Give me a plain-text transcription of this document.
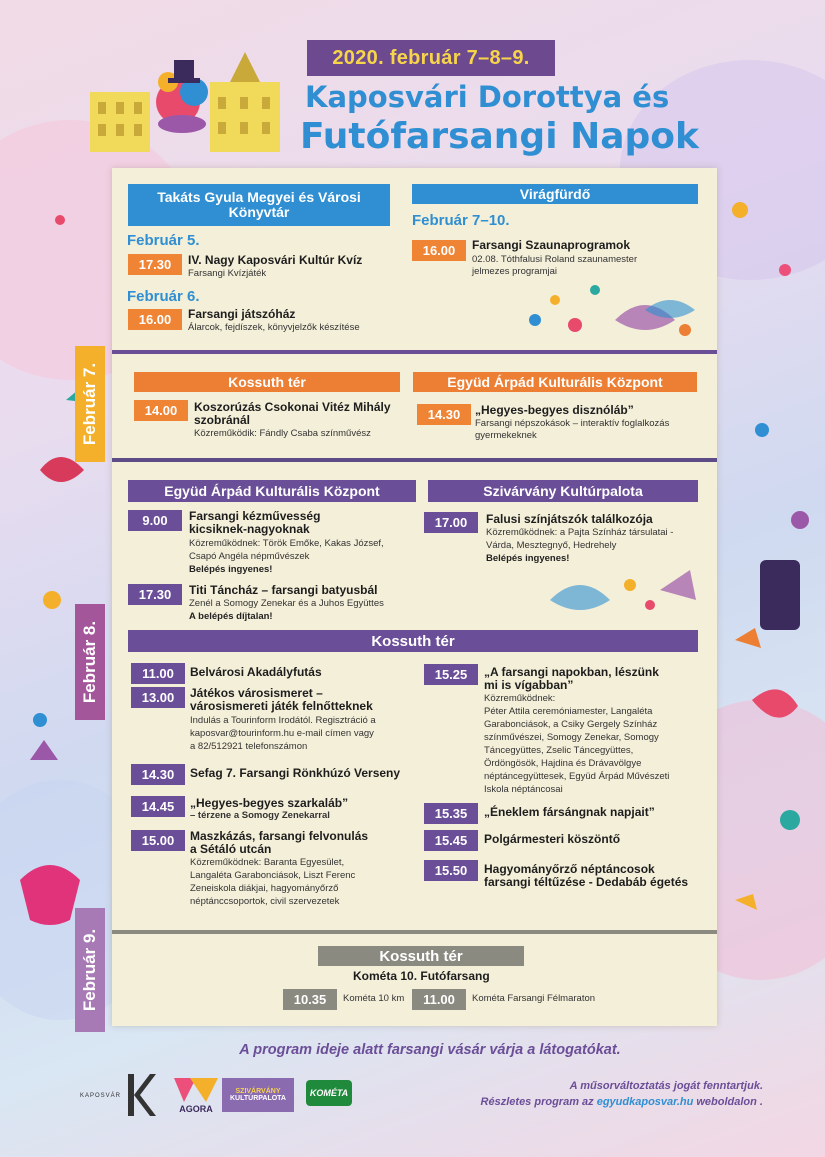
2020. február 7–8–9.
Kaposvári Dorottya és
Futófarsangi Napok
Február 7.
Február 8.
Február 9.
Takáts Gyula Megyei és Városi Könyvtár
Február 5.
17.30	IV. Nagy Kaposvári Kultúr Kvíz
Farsangi Kvízjáték
Február 6.
16.00	Farsangi játszóház
Álarcok, fejdíszek, könyvjelzők készítése
Virágfürdő
Február 7–10.
16.00	Farsangi Szaunaprogramok
02.08. Tóthfalusi Roland szaunamester
jelmezes programjai
Kossuth tér
14.00	Koszorúzás Csokonai Vitéz Mihály
szobránál
Közreműködik: Fándly Csaba színművész
Együd Árpád Kulturális Központ
14.30	„Hegyes-begyes disznóláb”
Farsangi népszokások – interaktív foglalkozás
gyermekeknek
Együd Árpád Kulturális Központ
9.00	Farsangi kézművesség
kicsiknek-nagyoknak
Közreműködnek: Török Emőke, Kakas József,
Csapó Angéla népművészek
Belépés ingyenes!
17.30	Titi Táncház – farsangi batyusbál
Zenél a Somogy Zenekar és a Juhos Együttes
A belépés díjtalan!
Szivárvány Kultúrpalota
17.00	Falusi színjátszók találkozója
Közreműködnek: a Pajta Színház társulatai -
Várda, Mesztegnyő, Hedrehely
Belépés ingyenes!
Kossuth tér
11.00	Belvárosi Akadályfutás
13.00	Játékos városismeret –
városismereti játék felnőtteknek
Indulás a Tourinform Irodától. Regisztráció a
kaposvar@tourinform.hu e-mail címen vagy
a 82/512921 telefonszámon
14.30	Sefag 7. Farsangi Rönkhúzó Verseny
14.45	„Hegyes-begyes szarkaláb”
– térzene a Somogy Zenekarral
15.00	Maszkázás, farsangi felvonulás
a Sétáló utcán
Közreműködnek: Baranta Egyesület,
Langaléta Garabonciások, Liszt Ferenc
Zeneiskola diákjai, hagyományőrző
néptánccsoportok, civil szervezetek
15.25	„A farsangi napokban, lészünk
mi is vígabban”
Közreműködnek:
Péter Attila ceremóniamester, Langaléta
Garabonciások, a Csiky Gergely Színház
színművészei, Somogy Zenekar, Somogy
Táncegyüttes, Zselic Táncegyüttes,
Ördöngösök, Hajdina és Drávavölgye
néptáncegyüttesek, Együd Árpád Művészeti
Iskola néptáncosai
15.35	„Éneklem fársángnak napjait”
15.45	Polgármesteri köszöntő
15.50	Hagyományőrző néptáncosok
farsangi téltűzése - Dedabáb égetés
Kossuth tér
Kométa 10. Futófarsang
10.35	Kométa 10 km	11.00	Kométa Farsangi Félmaraton
A program ideje alatt farsangi vásár várja a látogatókat.
KAPOSVÁR
AGORA
SZIVÁRVÁNY
KULTÚRPALOTA
KOMÉTA
A műsorváltoztatás jogát fenntartjuk.
Részletes program az egyudkaposvar.hu weboldalon .
